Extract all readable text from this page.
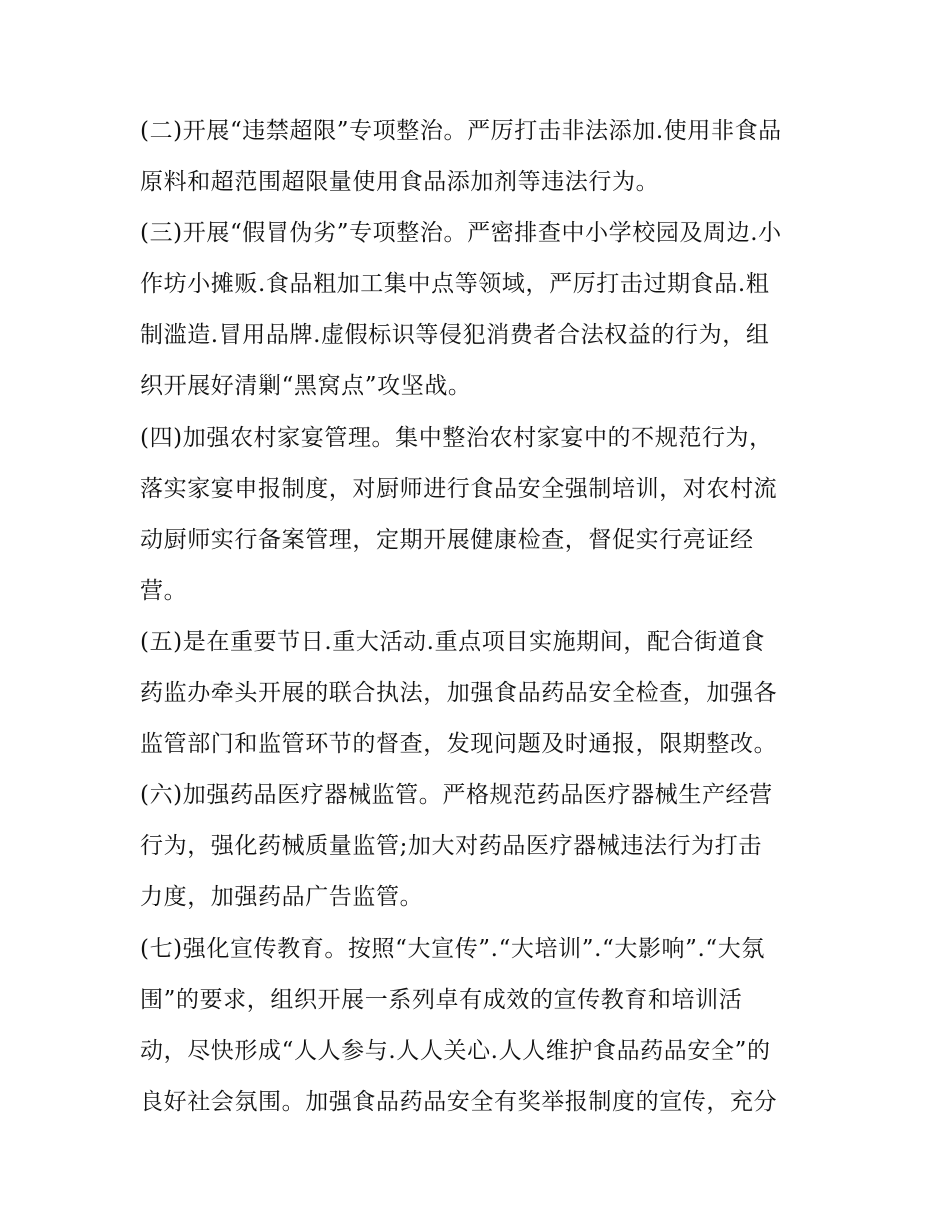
(二)开展“违禁超限”专项整治。严厉打击非法添加.使用非食品
原料和超范围超限量使用食品添加剂等违法行为。
(三)开展“假冒伪劣”专项整治。严密排查中小学校园及周边.小
作坊小摊贩.食品粗加工集中点等领域，严厉打击过期食品.粗
制滥造.冒用品牌.虚假标识等侵犯消费者合法权益的行为，组
织开展好清剿“黑窝点”攻坚战。
(四)加强农村家宴管理。集中整治农村家宴中的不规范行为，
落实家宴申报制度，对厨师进行食品安全强制培训，对农村流
动厨师实行备案管理，定期开展健康检查，督促实行亮证经
营。
(五)是在重要节日.重大活动.重点项目实施期间，配合街道食
药监办牵头开展的联合执法，加强食品药品安全检查，加强各
监管部门和监管环节的督查，发现问题及时通报，限期整改。
(六)加强药品医疗器械监管。严格规范药品医疗器械生产经营
行为，强化药械质量监管;加大对药品医疗器械违法行为打击
力度，加强药品广告监管。
(七)强化宣传教育。按照“大宣传”.“大培训”.“大影响”.“大氛
围”的要求，组织开展一系列卓有成效的宣传教育和培训活
动，尽快形成“人人参与.人人关心.人人维护食品药品安全”的
良好社会氛围。加强食品药品安全有奖举报制度的宣传，充分
